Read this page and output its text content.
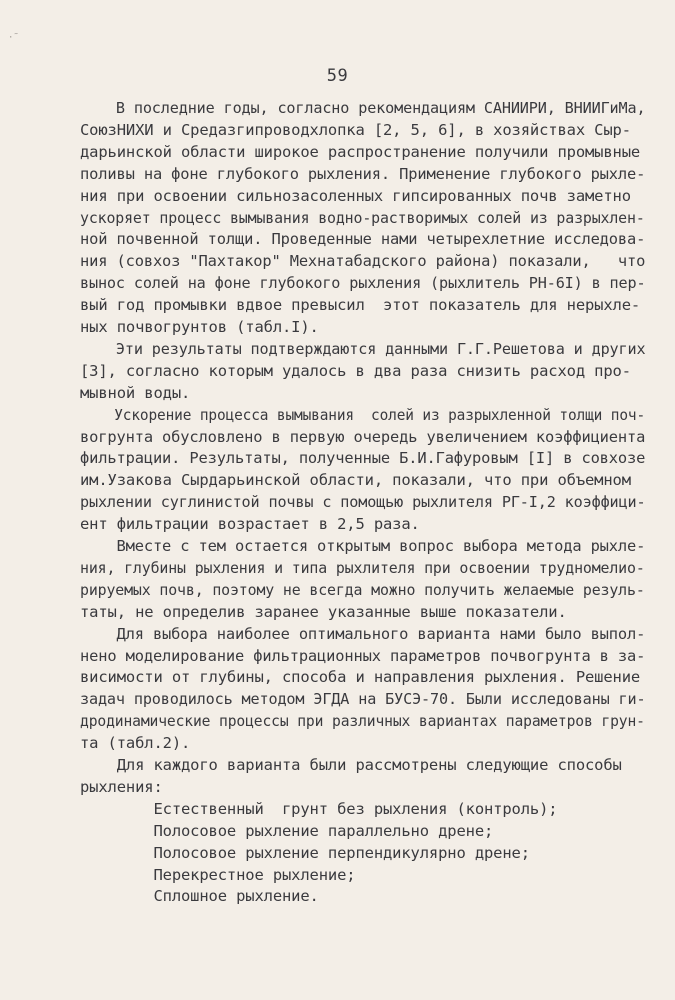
·˜
59
В последние годы, согласно рекомендациям САНИИРИ, ВНИИГиМа,
СоюзНИХИ и Средазгипроводхлопка [2, 5, 6], в хозяйствах Сыр-
дарьинской области широкое распространение получили промывные
поливы на фоне глубокого рыхления. Применение глубокого рыхле-
ния при освоении сильнозасоленных гипсированных почв заметно
ускоряет процесс вымывания водно-растворимых солей из разрыхлен-
ной почвенной толщи. Проведенные нами четырехлетние исследова-
ния (совхоз "Пахтакор" Мехнатабадского района) показали,   что
вынос солей на фоне глубокого рыхления (рыхлитель РН-6I) в пер-
вый год промывки вдвое превысил  этот показатель для нерыхле-
ных почвогрунтов (табл.I).
Эти результаты подтверждаются данными Г.Г.Решетова и других
[3], согласно которым удалось в два раза снизить расход про-
мывной воды.
Ускорение процесса вымывания  солей из разрыхленной толщи поч-
вогрунта обусловлено в первую очередь увеличением коэффициента
фильтрации. Результаты, полученные Б.И.Гафуровым [I] в совхозе
им.Узакова Сырдарьинской области, показали, что при объемном
рыхлении суглинистой почвы с помощью рыхлителя РГ-I,2 коэффици-
ент фильтрации возрастает в 2,5 раза.
Вместе с тем остается открытым вопрос выбора метода рыхле-
ния, глубины рыхления и типа рыхлителя при освоении трудномелио-
рируемых почв, поэтому не всегда можно получить желаемые резуль-
таты, не определив заранее указанные выше показатели.
Для выбора наиболее оптимального варианта нами было выпол-
нено моделирование фильтрационных параметров почвогрунта в за-
висимости от глубины, способа и направления рыхления. Решение
задач проводилось методом ЭГДА на БУСЭ-70. Были исследованы ги-
дродинамические процессы при различных вариантах параметров грун-
та (табл.2).
Для каждого варианта были рассмотрены следующие способы
рыхления:
Естественный  грунт без рыхления (контроль);
Полосовое рыхление параллельно дрене;
Полосовое рыхление перпендикулярно дрене;
Перекрестное рыхление;
Сплошное рыхление.
